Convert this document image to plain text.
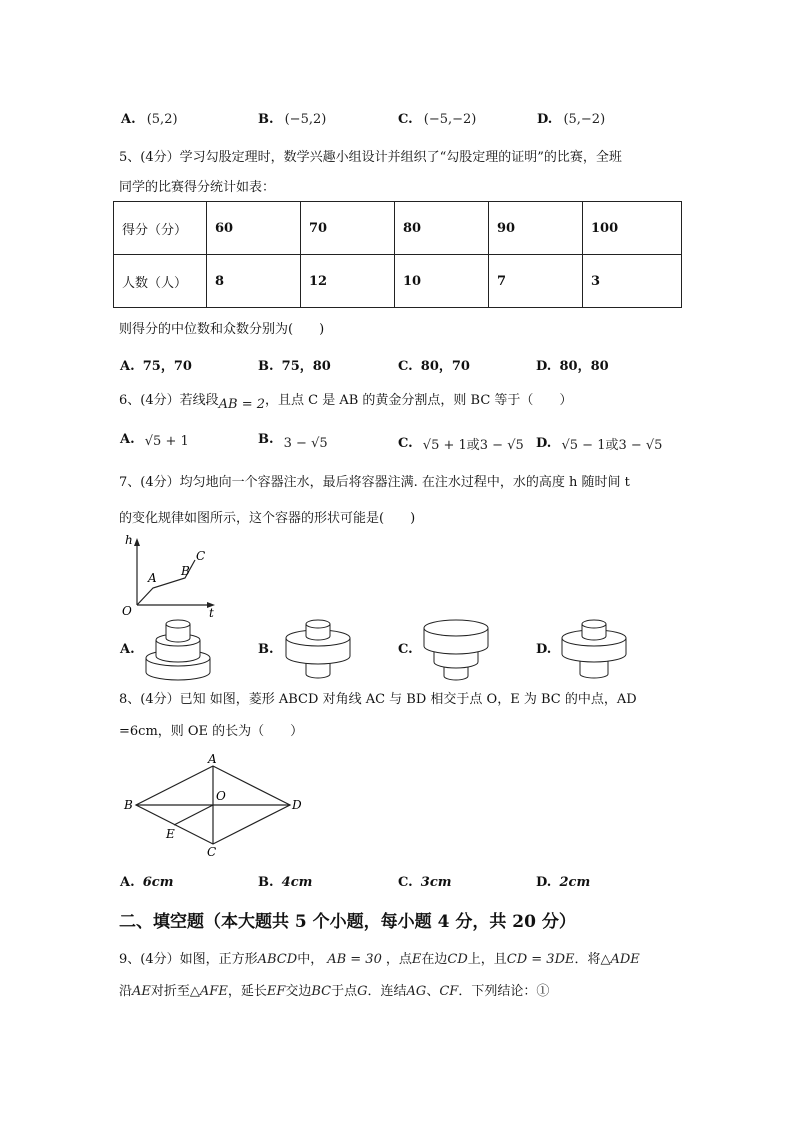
A. (5,2)	B. (−5,2)	C. (−5,−2)	D. (5,−2)
5、(4分）学习勾股定理时，数学兴趣小组设计并组织了“勾股定理的证明”的比赛，全班
同学的比赛得分统计如表：
得分（分）	60	70	80	90	100
人数（人）	8	12	10	7	3
则得分的中位数和众数分别为(　　)
A. 75，70	B. 75，80	C. 80，70	D. 80，80
6、(4分）若线段AB = 2，且点 C 是 AB 的黄金分割点，则 BC 等于（　　）
A. √5 + 1	B. 3 − √5	C. √5 + 1或3 − √5 D. √5 − 1或3 − √5
7、(4分）均匀地向一个容器注水，最后将容器注满. 在注水过程中，水的高度 h 随时间 t
的变化规律如图所示，这个容器的形状可能是(　　)
h
t
O
A B
C
A.	B.	C.	D.
8、(4分）已知 如图，菱形 ABCD 对角线 AC 与 BD 相交于点 O，E 为 BC 的中点，AD
=6cm，则 OE 的长为（　　）
A
B
C
D
O
E
A. 6cm	B. 4cm	C. 3cm	D. 2cm
二、填空题（本大题共 5 个小题，每小题 4 分，共 20 分）
9、(4分）如图，正方形ABCD中， AB = 30 ，点E在边CD上，且CD = 3DE．将△ADE
沿AE对折至△AFE，延长EF交边BC于点G．连结AG、CF．下列结论：①
